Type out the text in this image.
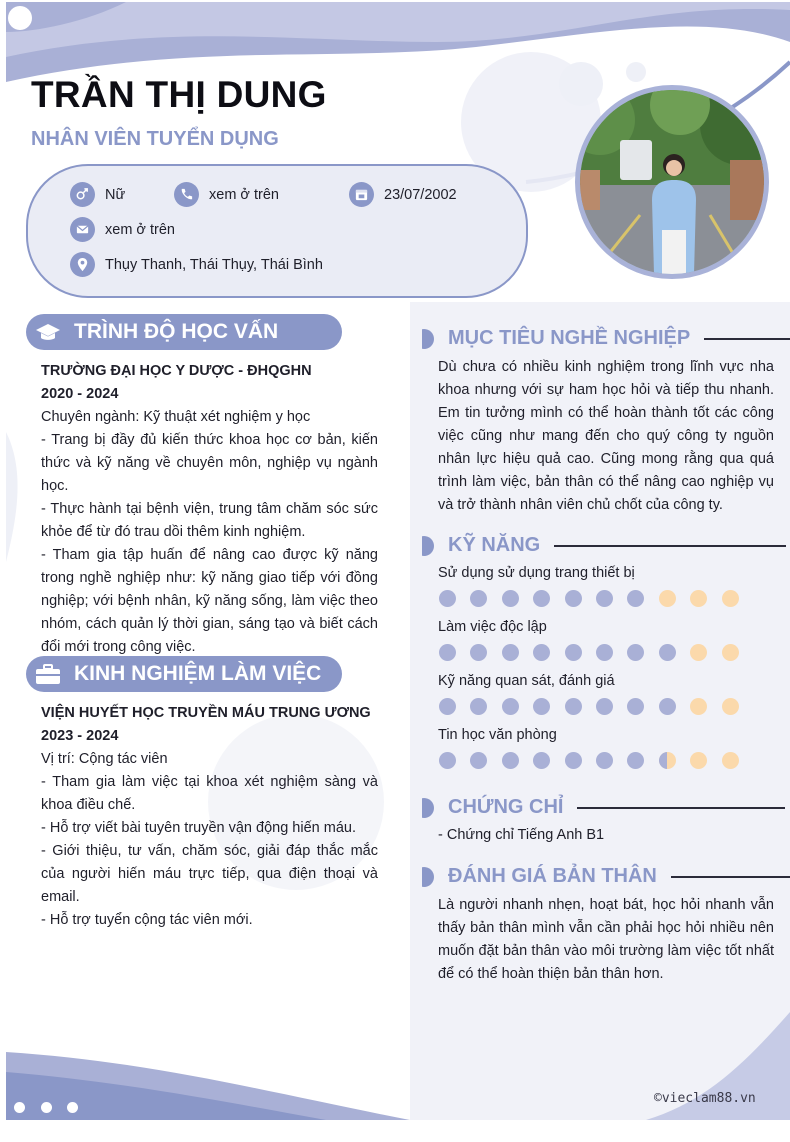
TRẦN THỊ DUNG
NHÂN VIÊN TUYỂN DỤNG
Nữ	xem ở trên	23/07/2002
xem ở trên
Thụy Thanh, Thái Thụy, Thái Bình
TRÌNH ĐỘ HỌC VẤN
TRƯỜNG ĐẠI HỌC Y DƯỢC - ĐHQGHN
2020 - 2024
Chuyên ngành: Kỹ thuật xét nghiệm y học
- Trang bị đầy đủ kiến thức khoa học cơ bản, kiến thức và kỹ năng về chuyên môn, nghiệp vụ ngành học.
- Thực hành tại bệnh viện, trung tâm chăm sóc sức khỏe để từ đó trau dồi thêm kinh nghiệm.
- Tham gia tập huấn để nâng cao được kỹ năng trong nghề nghiệp như: kỹ năng giao tiếp với đồng nghiệp; với bệnh nhân, kỹ năng sống, làm việc theo nhóm, cách quản lý thời gian, sáng tạo và biết cách đổi mới trong công việc.
KINH NGHIỆM LÀM VIỆC
VIỆN HUYẾT HỌC TRUYỀN MÁU TRUNG ƯƠNG
2023 - 2024
Vị trí: Cộng tác viên
- Tham gia làm việc tại khoa xét nghiệm sàng và khoa điều chế.
- Hỗ trợ viết bài tuyên truyền vận động hiến máu.
- Giới thiệu, tư vấn, chăm sóc, giải đáp thắc mắc của người hiến máu trực tiếp, qua điện thoại và email.
- Hỗ trợ tuyển cộng tác viên mới.
MỤC TIÊU NGHỀ NGHIỆP
Dù chưa có nhiều kinh nghiệm trong lĩnh vực nha khoa nhưng với sự ham học hỏi và tiếp thu nhanh. Em tin tưởng mình có thể hoàn thành tốt các công việc cũng như mang đến cho quý công ty nguồn nhân lực hiệu quả cao. Cũng mong rằng qua quá trình làm việc, bản thân có thể nâng cao nghiệp vụ và trở thành nhân viên chủ chốt của công ty.
KỸ NĂNG
Sử dụng sử dụng trang thiết bị
Làm việc độc lập
Kỹ năng quan sát, đánh giá
Tin học văn phòng
CHỨNG CHỈ
- Chứng chỉ Tiếng Anh B1
ĐÁNH GIÁ BẢN THÂN
Là người nhanh nhẹn, hoạt bát, học hỏi nhanh vẫn thấy bản thân mình vẫn cần phải học hỏi nhiều nên muốn đặt bản thân vào môi trường làm việc tốt nhất để có thể hoàn thiện bản thân hơn.
©vieclam88.vn
